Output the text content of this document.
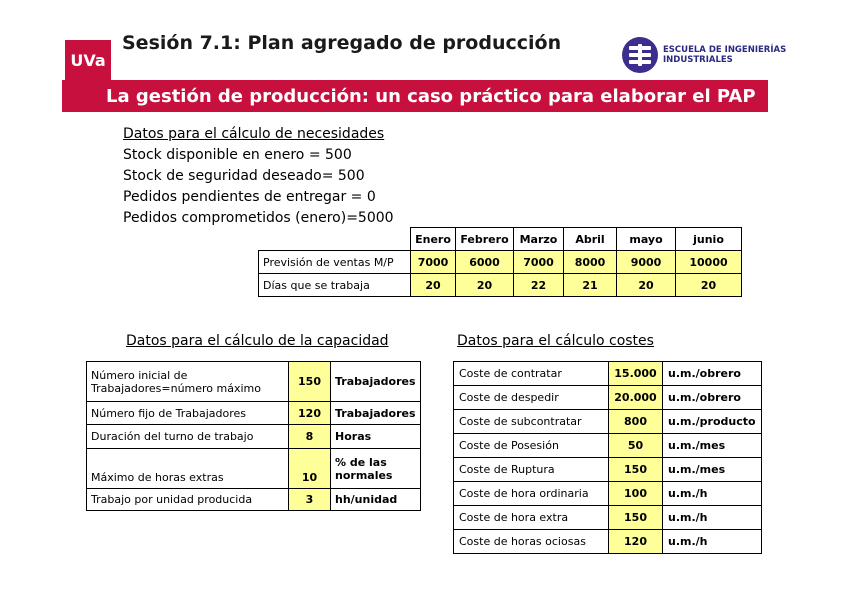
UVa
Sesión 7.1: Plan agregado de producción	ESCUELA DE INGENIERÍAS
INDUSTRIALES
La gestión de producción: un caso práctico para elaborar el PAP
Datos para el cálculo de necesidades
Stock disponible en enero = 500
Stock de seguridad deseado= 500
Pedidos pendientes de entregar = 0
Pedidos comprometidos (enero)=5000
	Enero	Febrero	Marzo	Abril	mayo	junio
Previsión de ventas M/P	7000	6000	7000	8000	9000	10000
Días que se trabaja	20	20	22	21	20	20
Datos para el cálculo de la capacidad	Datos para el cálculo costes
Número inicial de Trabajadores=número máximo	150	Trabajadores
Número fijo de Trabajadores	120	Trabajadores
Duración del turno de trabajo	8	Horas
Máximo de horas extras	10	% de las normales
Trabajo por unidad producida	3	hh/unidad
Coste de contratar	15.000	u.m./obrero
Coste de despedir	20.000	u.m./obrero
Coste de subcontratar	800	u.m./producto
Coste de Posesión	50	u.m./mes
Coste de Ruptura	150	u.m./mes
Coste de hora ordinaria	100	u.m./h
Coste de hora extra	150	u.m./h
Coste de horas ociosas	120	u.m./h
